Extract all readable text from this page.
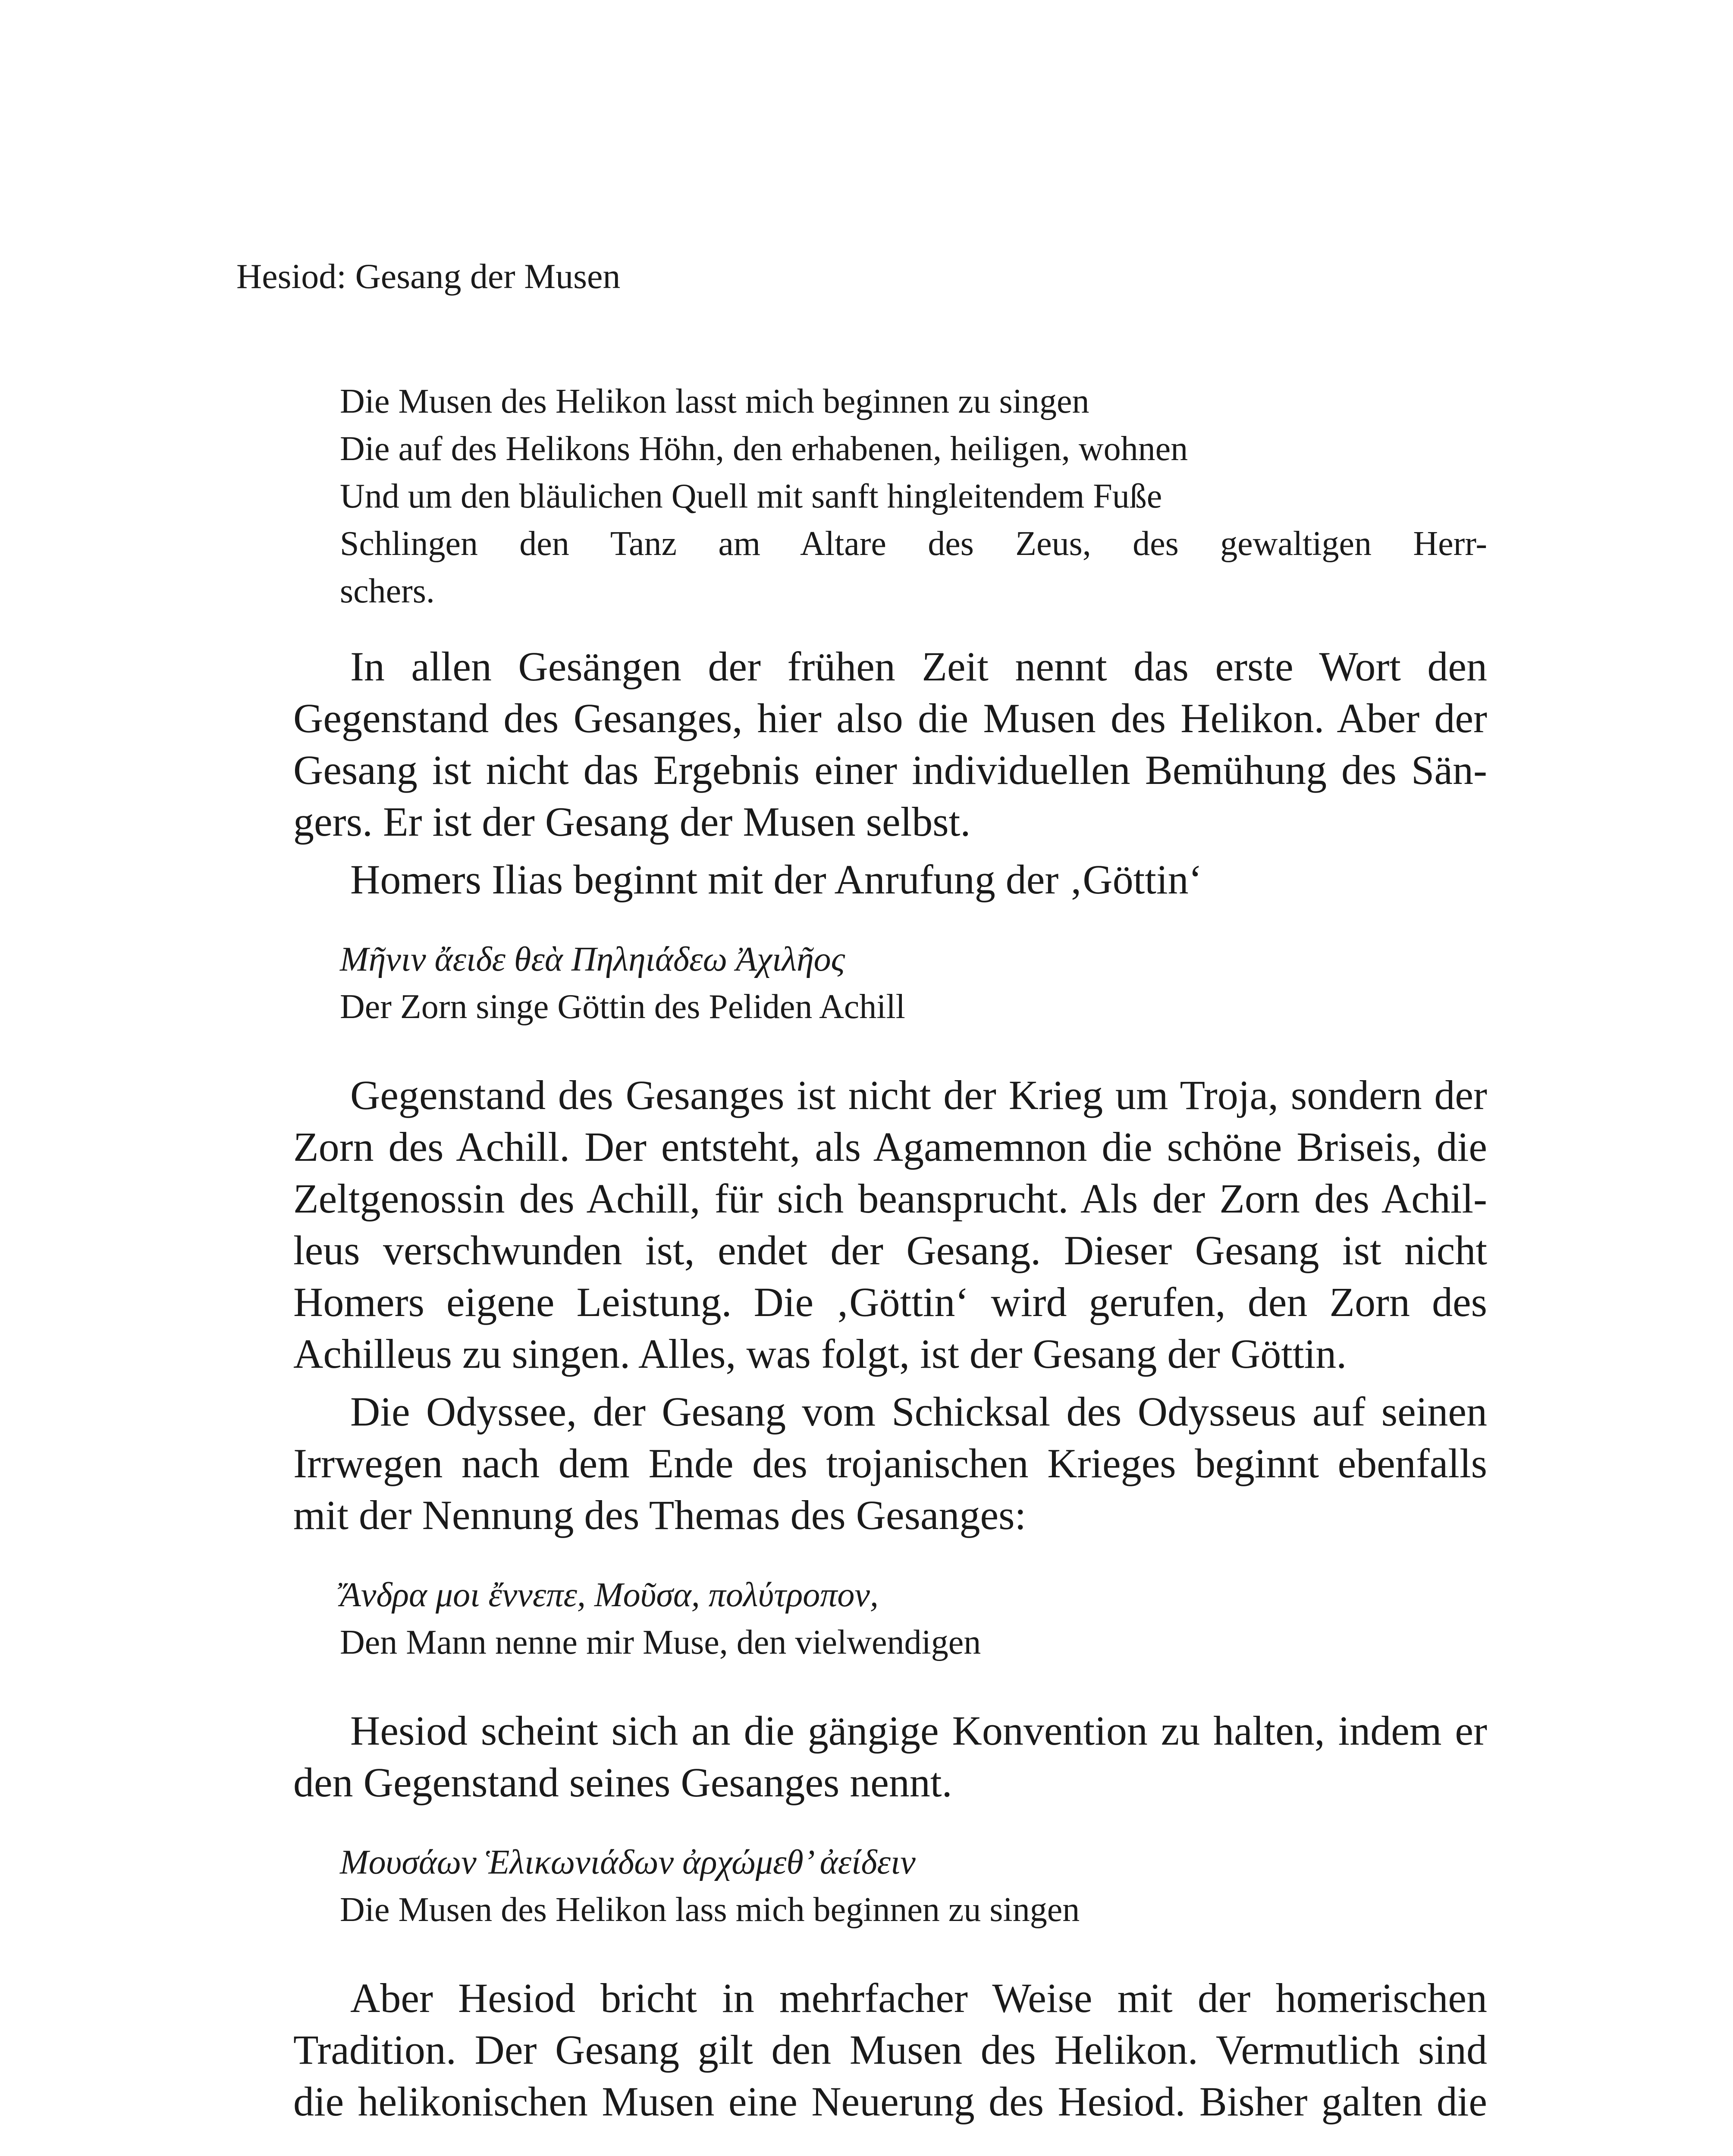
Hesiod: Gesang der Musen
Die Musen des Helikon lasst mich beginnen zu singen
Die auf des Helikons Höhn, den erhabenen, heiligen, wohnen
Und um den bläulichen Quell mit sanft hingleitendem Fuße
Schlingen den Tanz am Altare des Zeus, des gewaltigen Herr-
schers.
In allen Gesängen der frühen Zeit nennt das erste Wort den
Gegenstand des Gesanges, hier also die Musen des Helikon. Aber der
Gesang ist nicht das Ergebnis einer individuellen Bemühung des Sän-
gers. Er ist der Gesang der Musen selbst.
Homers Ilias beginnt mit der Anrufung der ‚Göttin‘
Μῆνιν ἄειδε θεὰ Πηληιάδεω Ἀχιλῆος
Der Zorn singe Göttin des Peliden Achill
Gegenstand des Gesanges ist nicht der Krieg um Troja, sondern der
Zorn des Achill. Der entsteht, als Agamemnon die schöne Briseis, die
Zeltgenossin des Achill, für sich beansprucht. Als der Zorn des Achil-
leus verschwunden ist, endet der Gesang. Dieser Gesang ist nicht
Homers eigene Leistung. Die ‚Göttin‘ wird gerufen, den Zorn des
Achilleus zu singen. Alles, was folgt, ist der Gesang der Göttin.
Die Odyssee, der Gesang vom Schicksal des Odysseus auf seinen
Irrwegen nach dem Ende des trojanischen Krieges beginnt ebenfalls
mit der Nennung des Themas des Gesanges:
Ἄνδρα μοι ἔννεπε, Μοῦσα, πολύτροπον,
Den Mann nenne mir Muse, den vielwendigen
Hesiod scheint sich an die gängige Konvention zu halten, indem er
den Gegenstand seines Gesanges nennt.
Μουσάων Ἑλικωνιάδων ἀρχώμεθ’ ἀείδειν
Die Musen des Helikon lass mich beginnen zu singen
Aber Hesiod bricht in mehrfacher Weise mit der homerischen
Tradition. Der Gesang gilt den Musen des Helikon. Vermutlich sind
die helikonischen Musen eine Neuerung des Hesiod. Bisher galten die
